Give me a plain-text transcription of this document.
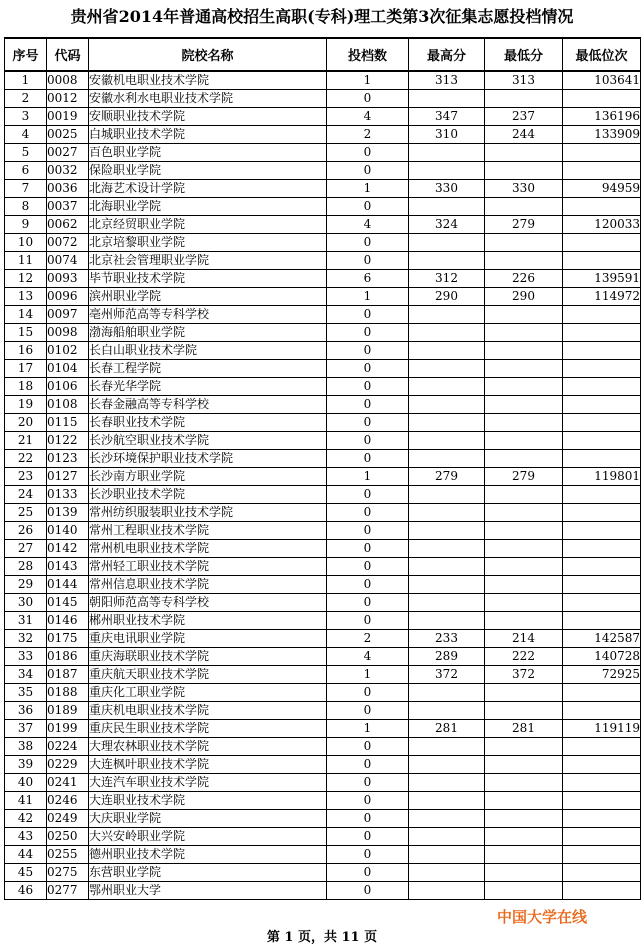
贵州省2014年普通高校招生高职(专科)理工类第3次征集志愿投档情况
序号	代码	院校名称	投档数	最高分	最低分	最低位次
1	0008	安徽机电职业技术学院	1	313	313	103641
2	0012	安徽水利水电职业技术学院	0			
3	0019	安顺职业技术学院	4	347	237	136196
4	0025	白城职业技术学院	2	310	244	133909
5	0027	百色职业学院	0			
6	0032	保险职业学院	0			
7	0036	北海艺术设计学院	1	330	330	94959
8	0037	北海职业学院	0			
9	0062	北京经贸职业学院	4	324	279	120033
10	0072	北京培黎职业学院	0			
11	0074	北京社会管理职业学院	0			
12	0093	毕节职业技术学院	6	312	226	139591
13	0096	滨州职业学院	1	290	290	114972
14	0097	亳州师范高等专科学校	0			
15	0098	渤海船舶职业学院	0			
16	0102	长白山职业技术学院	0			
17	0104	长春工程学院	0			
18	0106	长春光华学院	0			
19	0108	长春金融高等专科学校	0			
20	0115	长春职业技术学院	0			
21	0122	长沙航空职业技术学院	0			
22	0123	长沙环境保护职业技术学院	0			
23	0127	长沙南方职业学院	1	279	279	119801
24	0133	长沙职业技术学院	0			
25	0139	常州纺织服装职业技术学院	0			
26	0140	常州工程职业技术学院	0			
27	0142	常州机电职业技术学院	0			
28	0143	常州轻工职业技术学院	0			
29	0144	常州信息职业技术学院	0			
30	0145	朝阳师范高等专科学校	0			
31	0146	郴州职业技术学院	0			
32	0175	重庆电讯职业学院	2	233	214	142587
33	0186	重庆海联职业技术学院	4	289	222	140728
34	0187	重庆航天职业技术学院	1	372	372	72925
35	0188	重庆化工职业学院	0			
36	0189	重庆机电职业技术学院	0			
37	0199	重庆民生职业技术学院	1	281	281	119119
38	0224	大理农林职业技术学院	0			
39	0229	大连枫叶职业技术学院	0			
40	0241	大连汽车职业技术学院	0			
41	0246	大连职业技术学院	0			
42	0249	大庆职业学院	0			
43	0250	大兴安岭职业学院	0			
44	0255	德州职业技术学院	0			
45	0275	东营职业学院	0			
46	0277	鄂州职业大学	0			
中国大学在线
第 1 页，共 11 页
